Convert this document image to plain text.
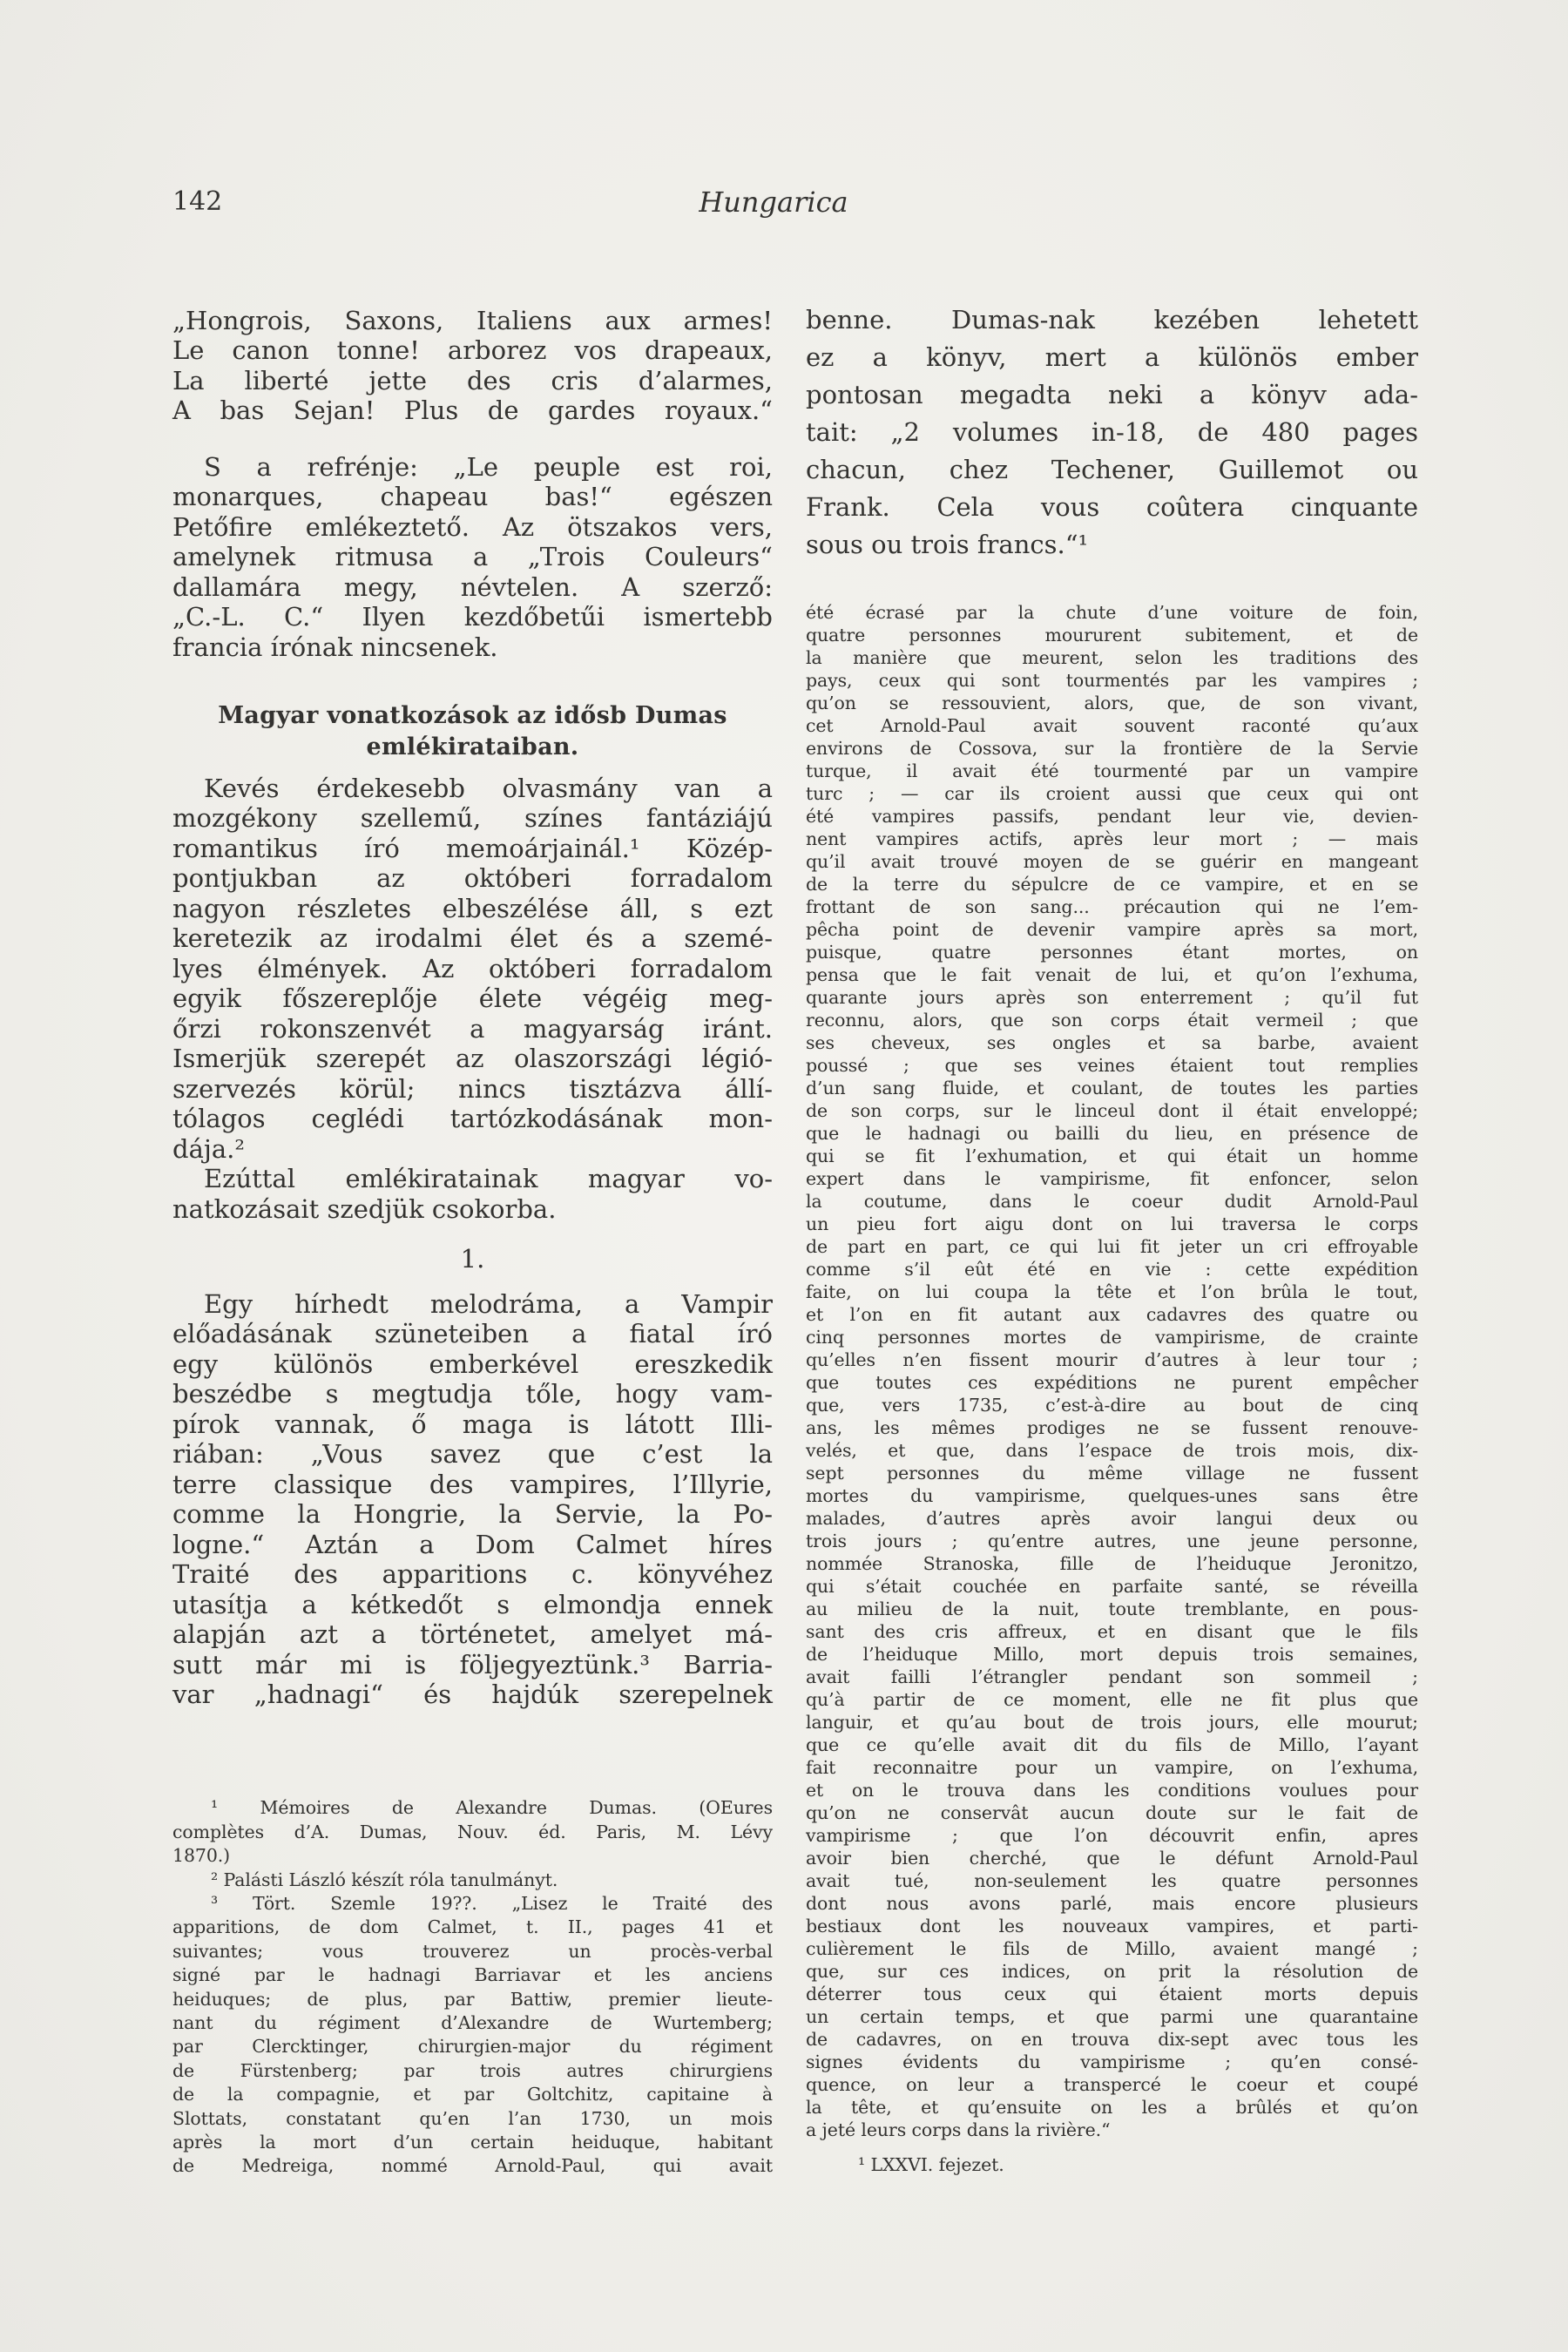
142	Hungarica
„Hongrois, Saxons, Italiens aux armes!
Le canon tonne! arborez vos drapeaux,
La liberté jette des cris d’alarmes,
A bas Sejan! Plus de gardes royaux.“
S a refrénje: „Le peuple est roi,
monarques, chapeau bas!“ egészen
Petőfire emlékeztető. Az ötszakos vers,
amelynek ritmusa a „Trois Couleurs“
dallamára megy, névtelen. A szerző:
„C.-L. C.“ Ilyen kezdőbetűi ismertebb
francia írónak nincsenek.
Magyar vonatkozások az idősb Dumas
emlékirataiban.
Kevés érdekesebb olvasmány van a
mozgékony szellemű, színes fantáziájú
romantikus író memoárjainál.¹ Közép-
pontjukban az októberi forradalom
nagyon részletes elbeszélése áll, s ezt
keretezik az irodalmi élet és a szemé-
lyes élmények. Az októberi forradalom
egyik főszereplője élete végéig meg-
őrzi rokonszenvét a magyarság iránt.
Ismerjük szerepét az olaszországi légió-
szervezés körül; nincs tisztázva állí-
tólagos ceglédi tartózkodásának mon-
dája.²
Ezúttal emlékiratainak magyar vo-
natkozásait szedjük csokorba.
Egy hírhedt melodráma, a Vampir
előadásának szüneteiben a fiatal író
egy különös emberkével ereszkedik
beszédbe s megtudja tőle, hogy vam-
pírok vannak, ő maga is látott Illi-
riában: „Vous savez que c’est la
terre classique des vampires, l’Illyrie,
comme la Hongrie, la Servie, la Po-
logne.“ Aztán a Dom Calmet híres
Traité des apparitions c. könyvéhez
utasítja a kétkedőt s elmondja ennek
alapján azt a történetet, amelyet má-
sutt már mi is följegyeztünk.³ Barria-
var „hadnagi“ és hajdúk szerepelnek
¹ Mémoires de Alexandre Dumas. (OEures
complètes d’A. Dumas, Nouv. éd. Paris, M. Lévy
1870.)
² Palásti László készít róla tanulmányt.
³ Tört. Szemle 19??. „Lisez le Traité des
apparitions, de dom Calmet, t. II., pages 41 et
suivantes; vous trouverez un procès-verbal
signé par le hadnagi Barriavar et les anciens
heiduques; de plus, par Battiw, premier lieute-
nant du régiment d’Alexandre de Wurtemberg;
par Clercktinger, chirurgien-major du régiment
de Fürstenberg; par trois autres chirurgiens
de la compagnie, et par Goltchitz, capitaine à
Slottats, constatant qu’en l’an 1730, un mois
après la mort d’un certain heiduque, habitant
de Medreiga, nommé Arnold-Paul, qui avait
1.
benne. Dumas-nak kezében lehetett
ez a könyv, mert a különös ember
pontosan megadta neki a könyv ada-
tait: „2 volumes in-18, de 480 pages
chacun, chez Techener, Guillemot ou
Frank. Cela vous coûtera cinquante
sous ou trois francs.“¹
été écrasé par la chute d’une voiture de foin,
quatre personnes moururent subitement, et de
la manière que meurent, selon les traditions des
pays, ceux qui sont tourmentés par les vampires ;
qu’on se ressouvient, alors, que, de son vivant,
cet Arnold-Paul avait souvent raconté qu’aux
environs de Cossova, sur la frontière de la Servie
turque, il avait été tourmenté par un vampire
turc ; — car ils croient aussi que ceux qui ont
été vampires passifs, pendant leur vie, devien-
nent vampires actifs, après leur mort ; — mais
qu’il avait trouvé moyen de se guérir en mangeant
de la terre du sépulcre de ce vampire, et en se
frottant de son sang... précaution qui ne l’em-
pêcha point de devenir vampire après sa mort,
puisque, quatre personnes étant mortes, on
pensa que le fait venait de lui, et qu’on l’exhuma,
quarante jours après son enterrement ; qu’il fut
reconnu, alors, que son corps était vermeil ; que
ses cheveux, ses ongles et sa barbe, avaient
poussé ; que ses veines étaient tout remplies
d’un sang fluide, et coulant, de toutes les parties
de son corps, sur le linceul dont il était enveloppé;
que le hadnagi ou bailli du lieu, en présence de
qui se fit l’exhumation, et qui était un homme
expert dans le vampirisme, fit enfoncer, selon
la coutume, dans le coeur dudit Arnold-Paul
un pieu fort aigu dont on lui traversa le corps
de part en part, ce qui lui fit jeter un cri effroyable
comme s’il eût été en vie : cette expédition
faite, on lui coupa la tête et l’on brûla le tout,
et l’on en fit autant aux cadavres des quatre ou
cinq personnes mortes de vampirisme, de crainte
qu’elles n’en fissent mourir d’autres à leur tour ;
que toutes ces expéditions ne purent empêcher
que, vers 1735, c’est-à-dire au bout de cinq
ans, les mêmes prodiges ne se fussent renouve-
velés, et que, dans l’espace de trois mois, dix-
sept personnes du même village ne fussent
mortes du vampirisme, quelques-unes sans être
malades, d’autres après avoir langui deux ou
trois jours ; qu’entre autres, une jeune personne,
nommée Stranoska, fille de l’heiduque Jeronitzo,
qui s’était couchée en parfaite santé, se réveilla
au milieu de la nuit, toute tremblante, en pous-
sant des cris affreux, et en disant que le fils
de l’heiduque Millo, mort depuis trois semaines,
avait failli l’étrangler pendant son sommeil ;
qu’à partir de ce moment, elle ne fit plus que
languir, et qu’au bout de trois jours, elle mourut;
que ce qu’elle avait dit du fils de Millo, l’ayant
fait reconnaitre pour un vampire, on l’exhuma,
et on le trouva dans les conditions voulues pour
qu’on ne conservât aucun doute sur le fait de
vampirisme ; que l’on découvrit enfin, apres
avoir bien cherché, que le défunt Arnold-Paul
avait tué, non-seulement les quatre personnes
dont nous avons parlé, mais encore plusieurs
bestiaux dont les nouveaux vampires, et parti-
culièrement le fils de Millo, avaient mangé ;
que, sur ces indices, on prit la résolution de
déterrer tous ceux qui étaient morts depuis
un certain temps, et que parmi une quarantaine
de cadavres, on en trouva dix-sept avec tous les
signes évidents du vampirisme ; qu’en consé-
quence, on leur a transpercé le coeur et coupé
la tête, et qu’ensuite on les a brûlés et qu’on
a jeté leurs corps dans la rivière.“
¹ LXXVI. fejezet.
